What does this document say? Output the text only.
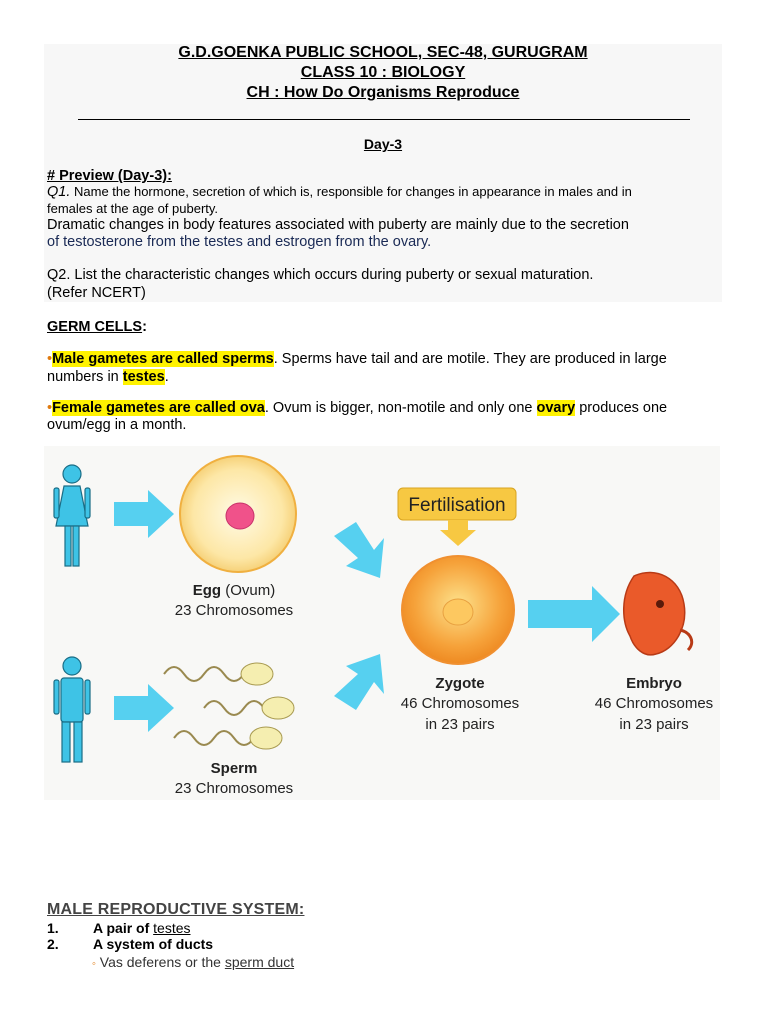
G.D.GOENKA PUBLIC SCHOOL, SEC-48, GURUGRAM
CLASS 10 : BIOLOGY
CH : How Do Organisms Reproduce
Day-3
# Preview (Day-3):
Q1. Name the hormone, secretion of which is, responsible for changes in appearance in males and in
females at the age of puberty.
Dramatic changes in body features associated with puberty are mainly due to the secretion
of testosterone from the testes and estrogen from the ovary.
Q2. List the characteristic changes which occurs during puberty or sexual maturation.
(Refer NCERT)
GERM CELLS:
•Male gametes are called sperms. Sperms have tail and are motile. They are produced in large
numbers in testes.
•Female gametes are called ova. Ovum is bigger, non-motile and only one ovary produces one
ovum/egg in a month.
Fertilisation
Egg (Ovum)
23 Chromosomes
Sperm
23 Chromosomes
Zygote
46 Chromosomes
in 23 pairs
Embryo
46 Chromosomes
in 23 pairs
MALE REPRODUCTIVE SYSTEM:
1. A pair of testes
2. A system of ducts
◦ Vas deferens or the sperm duct
